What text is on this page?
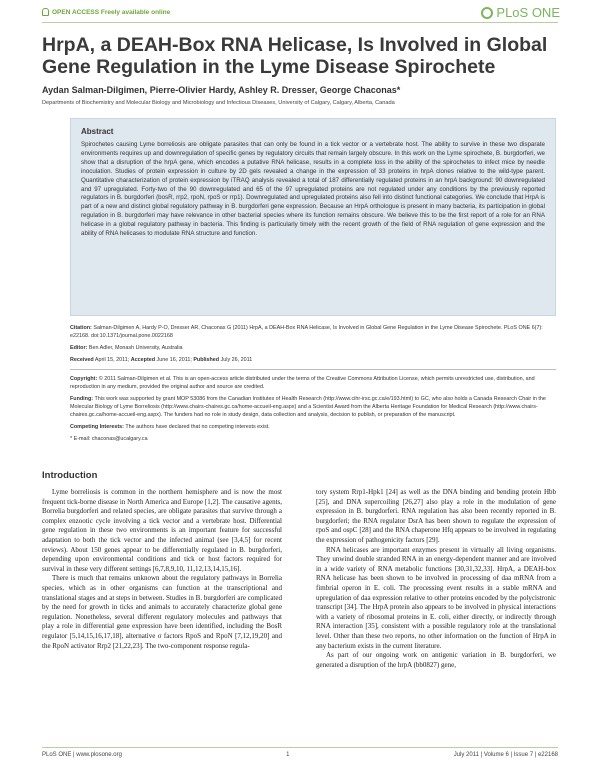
OPEN ACCESS Freely available online	PLoS ONE
HrpA, a DEAH-Box RNA Helicase, Is Involved in Global Gene Regulation in the Lyme Disease Spirochete
Aydan Salman-Dilgimen, Pierre-Olivier Hardy, Ashley R. Dresser, George Chaconas*
Departments of Biochemistry and Molecular Biology and Microbiology and Infectious Diseases, University of Calgary, Calgary, Alberta, Canada
Abstract

Spirochetes causing Lyme borreliosis are obligate parasites that can only be found in a tick vector or a vertebrate host. The ability to survive in these two disparate environments requires up and downregulation of specific genes by regulatory circuits that remain largely obscure. In this work on the Lyme spirochete, B. burgdorferi, we show that a disruption of the hrpA gene, which encodes a putative RNA helicase, results in a complete loss in the ability of the spirochetes to infect mice by needle inoculation. Studies of protein expression in culture by 2D gels revealed a change in the expression of 33 proteins in hrpA clones relative to the wild-type parent. Quantitative characterization of protein expression by iTRAQ analysis revealed a total of 187 differentially regulated proteins in an hrpA background: 90 downregulated and 97 upregulated. Forty-two of the 90 downregulated and 65 of the 97 upregulated proteins are not regulated under any conditions by the previously reported regulators in B. burgdorferi (bosR, rrp2, rpoN, rpoS or rrp1). Downregulated and upregulated proteins also fell into distinct functional categories. We conclude that HrpA is part of a new and distinct global regulatory pathway in B. burgdorferi gene expression. Because an HrpA orthologue is present in many bacteria, its participation in global regulation in B. burgdorferi may have relevance in other bacterial species where its function remains obscure. We believe this to be the first report of a role for an RNA helicase in a global regulatory pathway in bacteria. This finding is particularly timely with the recent growth of the field of RNA regulation of gene expression and the ability of RNA helicases to modulate RNA structure and function.

Citation: Salman-Dilgimen A, Hardy P-O, Dresser AR, Chaconas G (2011) HrpA, a DEAH-Box RNA Helicase, Is Involved in Global Gene Regulation in the Lyme Disease Spirochete. PLoS ONE 6(7): e22168. doi:10.1371/journal.pone.0022168

Editor: Ben Adler, Monash University, Australia

Received April 15, 2011; Accepted June 16, 2011; Published July 26, 2011

Copyright: © 2011 Salman-Dilgimen et al. This is an open-access article distributed under the terms of the Creative Commons Attribution License, which permits unrestricted use, distribution, and reproduction in any medium, provided the original author and source are credited.

Funding: This work was supported by grant MOP 53086 from the Canadian Institutes of Health Research (http://www.cihr-irsc.gc.ca/e/193.html) to GC, who also holds a Canada Research Chair in the Molecular Biology of Lyme Borreliosis (http://www.chairs-chaires.gc.ca/home-accueil-eng.aspx) and a Scientist Award from the Alberta Heritage Foundation for Medical Research (http://www.chairs-chaires.gc.ca/home-accueil-eng.aspx). The funders had no role in study design, data collection and analysis, decision to publish, or preparation of the manuscript.

Competing Interests: The authors have declared that no competing interests exist.

* E-mail: chaconas@ucalgary.ca

Introduction

Lyme borreliosis is common in the northern hemisphere and is now the most frequent tick-borne disease in North America and Europe [1,2]. The causative agents, Borrelia burgdorferi and related species, are obligate parasites that survive through a complex enzootic cycle involving a tick vector and a vertebrate host. Differential gene regulation in these two environments is an important feature for successful adaptation to both the tick vector and the infected animal (see [3,4,5] for recent reviews). About 150 genes appear to be differentially regulated in B. burgdorferi, depending upon environmental conditions and tick or host factors required for survival in these very different settings [6,7,8,9,10, 11,12,13,14,15,16].

There is much that remains unknown about the regulatory pathways in Borrelia species, which as in other organisms can function at the transcriptional and translational stages and at steps in between. Studies in B. burgdorferi are complicated by the need for growth in ticks and animals to accurately characterize global gene regulation. Nonetheless, several different regulatory molecules and pathways that play a role in differential gene expression have been identified, including the BosR regulator [5,14,15,16,17,18], alternative σ factors RpoS and RpoN [7,12,19,20] and the RpoN activator Rrp2 [21,22,23]. The two-component response regula-

tory system Rrp1-Hpk1 [24] as well as the DNA binding and bending protein Hbb [25], and DNA supercoiling [26,27] also play a role in the modulation of gene expression in B. burgdorferi. RNA regulation has also been recently reported in B. burgdorferi; the RNA regulator DsrA has been shown to regulate the expression of rpoS and ospC [28] and the RNA chaperone Hfq appears to be involved in regulating the expression of pathogenicity factors [29].

RNA helicases are important enzymes present in virtually all living organisms. They unwind double stranded RNA in an energy-dependent manner and are involved in a wide variety of RNA metabolic functions [30,31,32,33]. HrpA, a DEAH-box RNA helicase has been shown to be involved in processing of daa mRNA from a fimbrial operon in E. coli. The processing event results in a stable mRNA and upregulation of daa expression relative to other proteins encoded by the polycistronic transcript [34]. The HrpA protein also appears to be involved in physical interactions with a variety of ribosomal proteins in E. coli, either directly, or indirectly through RNA interaction [35], consistent with a possible regulatory role at the translational level. Other than these two reports, no other information on the function of HrpA in any bacterium exists in the current literature.

As part of our ongoing work on antigenic variation in B. burgdorferi, we generated a disruption of the hrpA (bb0827) gene,

PLoS ONE | www.plosone.org	1	July 2011 | Volume 6 | Issue 7 | e22168
